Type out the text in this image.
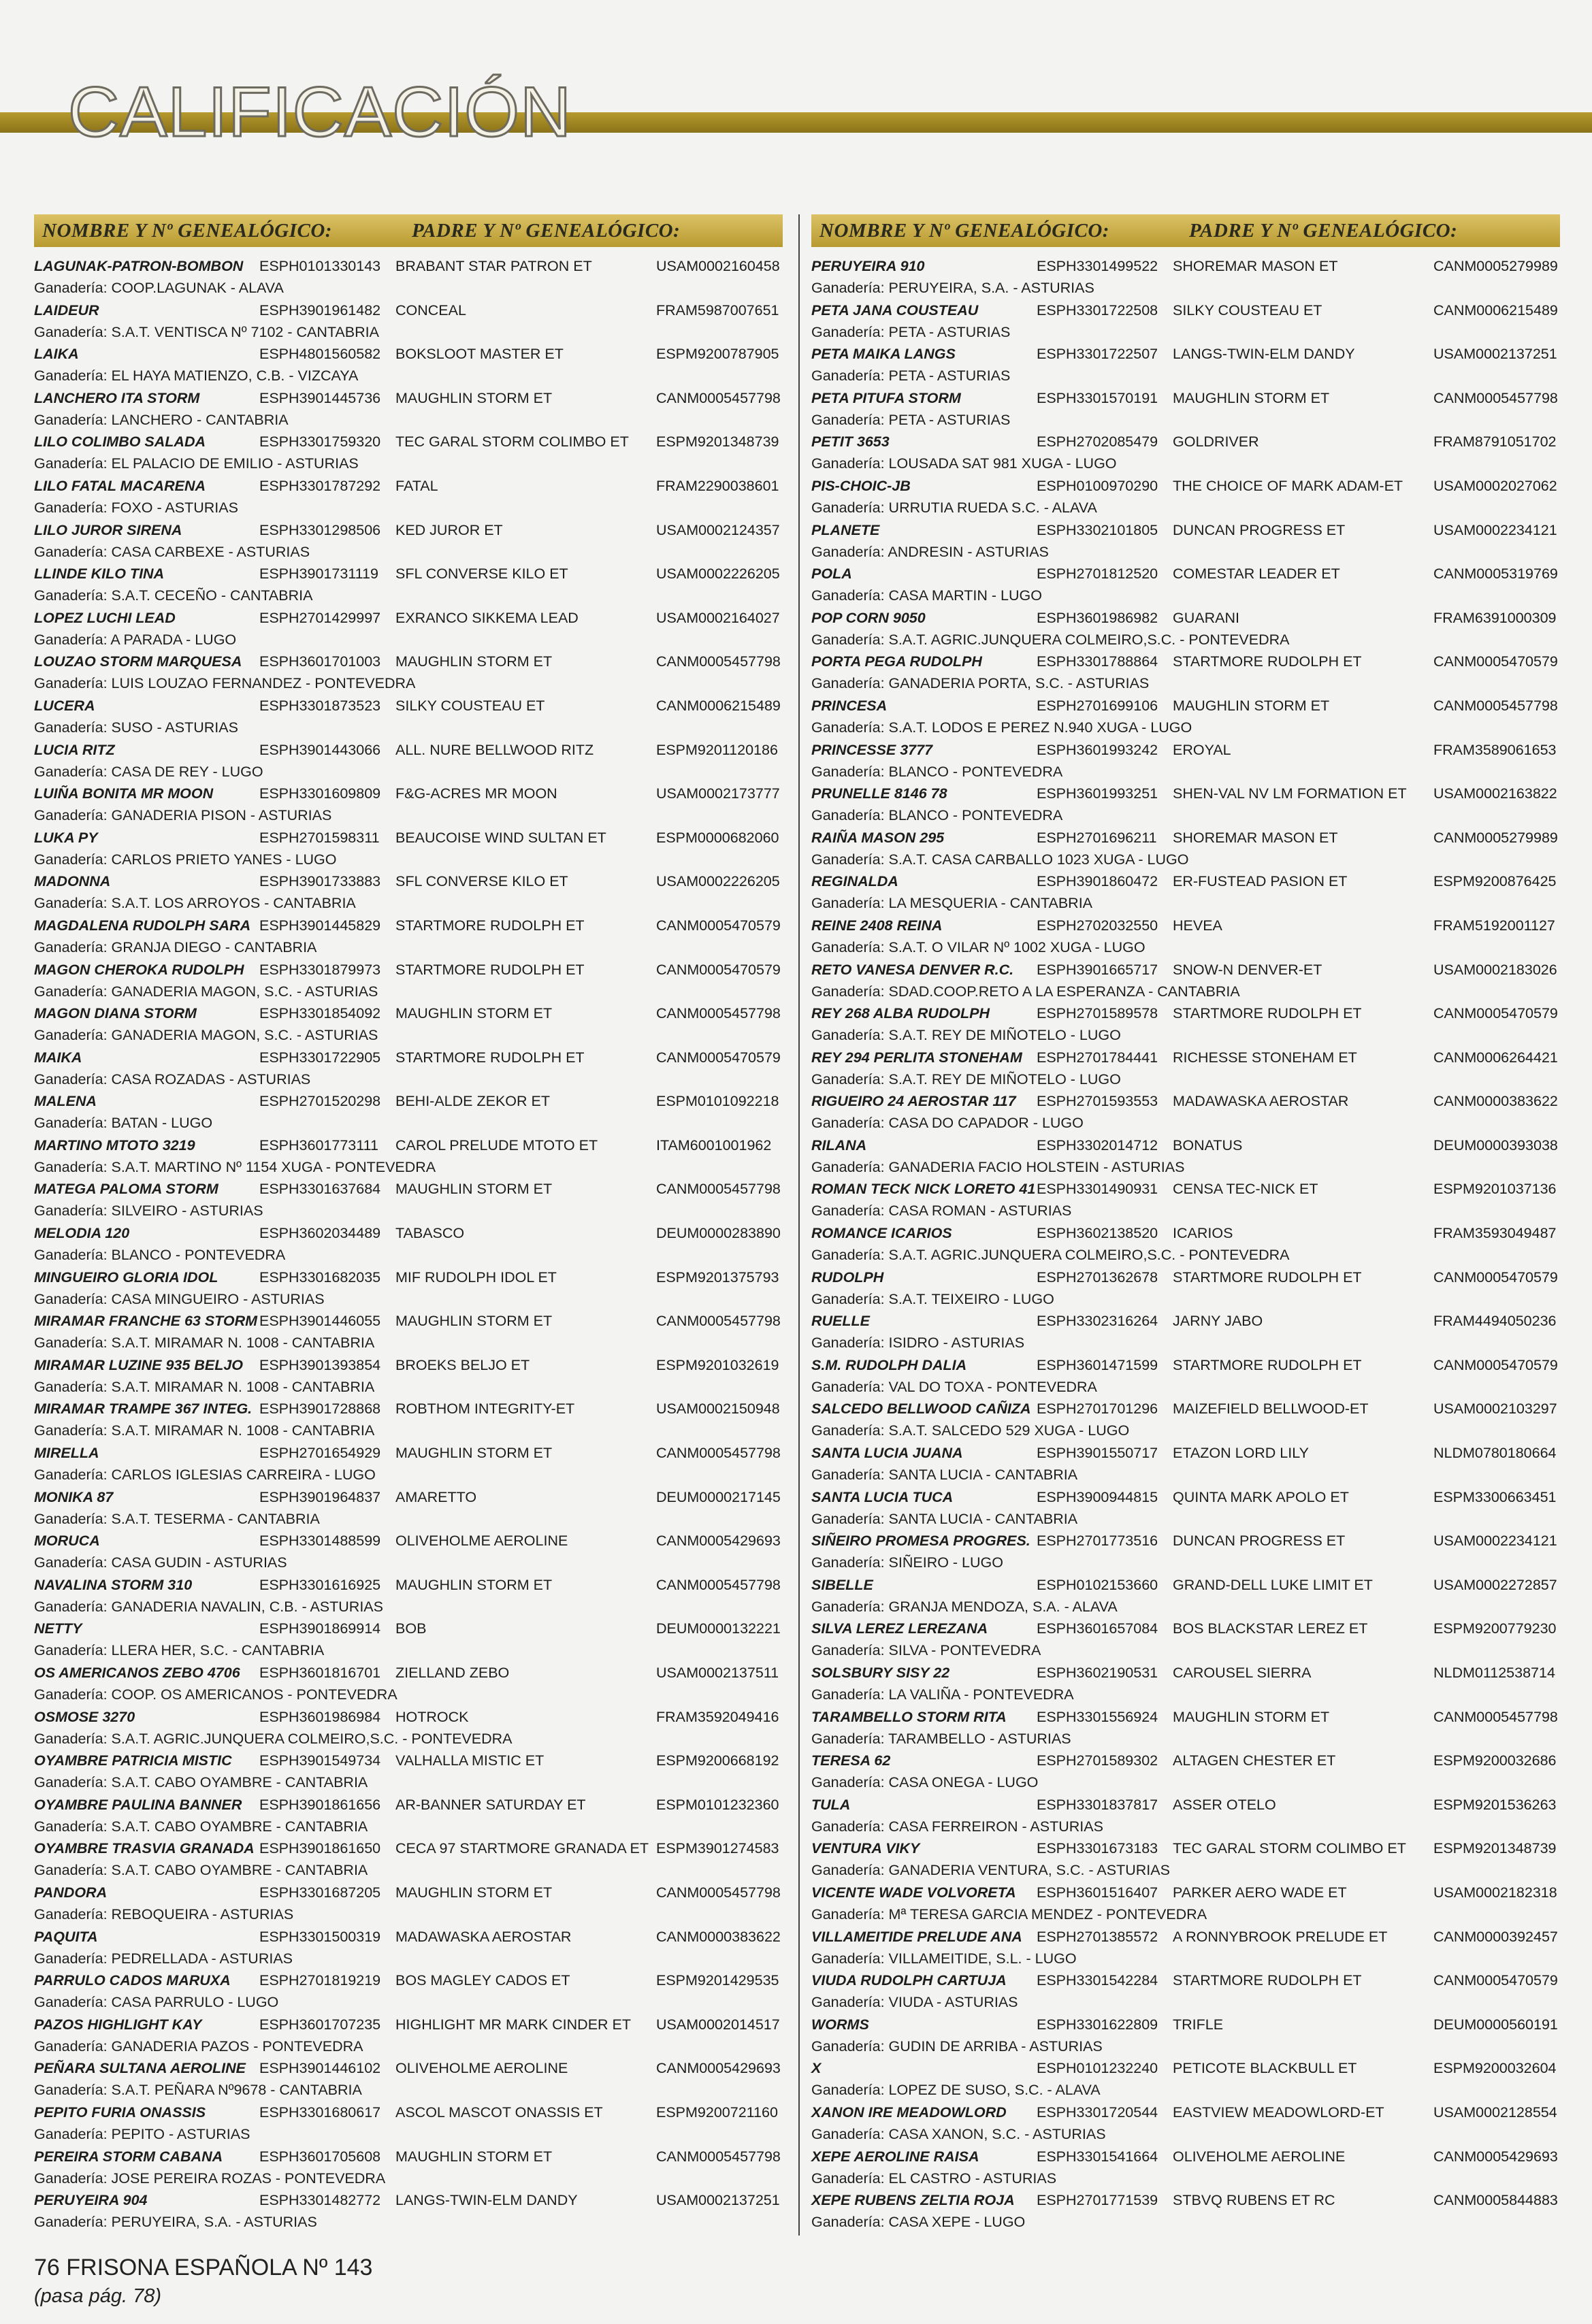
CALIFICACIÓN
NOMBRE Y Nº GENEALÓGICO:	PADRE Y Nº GENEALÓGICO:
LAGUNAK-PATRON-BOMBON ESPH0101330143 BRABANT STAR PATRON ET	USAM0002160458
Ganadería: COOP.LAGUNAK - ALAVA
LAIDEUR	ESPH3901961482 CONCEAL	FRAM5987007651
Ganadería: S.A.T. VENTISCA Nº 7102 - CANTABRIA
LAIKA	ESPH4801560582 BOKSLOOT MASTER ET	ESPM9200787905
Ganadería: EL HAYA MATIENZO, C.B. - VIZCAYA
LANCHERO ITA STORM	ESPH3901445736 MAUGHLIN STORM ET	CANM0005457798
Ganadería: LANCHERO - CANTABRIA
LILO COLIMBO SALADA	ESPH3301759320 TEC GARAL STORM COLIMBO ET ESPM9201348739
Ganadería: EL PALACIO DE EMILIO - ASTURIAS
LILO FATAL MACARENA	ESPH3301787292 FATAL	FRAM2290038601
Ganadería: FOXO - ASTURIAS
LILO JUROR SIRENA	ESPH3301298506 KED JUROR ET	USAM0002124357
Ganadería: CASA CARBEXE - ASTURIAS
LLINDE KILO TINA	ESPH3901731119 SFL CONVERSE KILO ET	USAM0002226205
Ganadería: S.A.T. CECEÑO - CANTABRIA
LOPEZ LUCHI LEAD	ESPH2701429997 EXRANCO SIKKEMA LEAD	USAM0002164027
Ganadería: A PARADA - LUGO
LOUZAO STORM MARQUESA ESPH3601701003 MAUGHLIN STORM ET	CANM0005457798
Ganadería: LUIS LOUZAO FERNANDEZ - PONTEVEDRA
LUCERA	ESPH3301873523 SILKY COUSTEAU ET	CANM0006215489
Ganadería: SUSO - ASTURIAS
LUCIA RITZ	ESPH3901443066 ALL. NURE BELLWOOD RITZ	ESPM9201120186
Ganadería: CASA DE REY - LUGO
LUIÑA BONITA MR MOON	ESPH3301609809 F&G-ACRES MR MOON	USAM0002173777
Ganadería: GANADERIA PISON - ASTURIAS
LUKA PY	ESPH2701598311 BEAUCOISE WIND SULTAN ET	ESPM0000682060
Ganadería: CARLOS PRIETO YANES - LUGO
MADONNA	ESPH3901733883 SFL CONVERSE KILO ET	USAM0002226205
Ganadería: S.A.T. LOS ARROYOS - CANTABRIA
MAGDALENA RUDOLPH SARA ESPH3901445829 STARTMORE RUDOLPH ET	CANM0005470579
Ganadería: GRANJA DIEGO - CANTABRIA
MAGON CHEROKA RUDOLPH ESPH3301879973 STARTMORE RUDOLPH ET	CANM0005470579
Ganadería: GANADERIA MAGON, S.C. - ASTURIAS
MAGON DIANA STORM	ESPH3301854092 MAUGHLIN STORM ET	CANM0005457798
Ganadería: GANADERIA MAGON, S.C. - ASTURIAS
MAIKA	ESPH3301722905 STARTMORE RUDOLPH ET	CANM0005470579
Ganadería: CASA ROZADAS - ASTURIAS
MALENA	ESPH2701520298 BEHI-ALDE ZEKOR ET	ESPM0101092218
Ganadería: BATAN - LUGO
MARTINO MTOTO 3219	ESPH3601773111 CAROL PRELUDE MTOTO ET	ITAM6001001962
Ganadería: S.A.T. MARTINO Nº 1154 XUGA - PONTEVEDRA
MATEGA PALOMA STORM	ESPH3301637684 MAUGHLIN STORM ET	CANM0005457798
Ganadería: SILVEIRO - ASTURIAS
MELODIA 120	ESPH3602034489 TABASCO	DEUM0000283890
Ganadería: BLANCO - PONTEVEDRA
MINGUEIRO GLORIA IDOL	ESPH3301682035 MIF RUDOLPH IDOL ET	ESPM9201375793
Ganadería: CASA MINGUEIRO - ASTURIAS
MIRAMAR FRANCHE 63 STORM ESPH3901446055 MAUGHLIN STORM ET	CANM0005457798
Ganadería: S.A.T. MIRAMAR N. 1008 - CANTABRIA
MIRAMAR LUZINE 935 BELJO ESPH3901393854 BROEKS BELJO ET	ESPM9201032619
Ganadería: S.A.T. MIRAMAR N. 1008 - CANTABRIA
MIRAMAR TRAMPE 367 INTEG. ESPH3901728868 ROBTHOM INTEGRITY-ET	USAM0002150948
Ganadería: S.A.T. MIRAMAR N. 1008 - CANTABRIA
MIRELLA	ESPH2701654929 MAUGHLIN STORM ET	CANM0005457798
Ganadería: CARLOS IGLESIAS CARREIRA - LUGO
MONIKA 87	ESPH3901964837 AMARETTO	DEUM0000217145
Ganadería: S.A.T. TESERMA - CANTABRIA
MORUCA	ESPH3301488599 OLIVEHOLME AEROLINE	CANM0005429693
Ganadería: CASA GUDIN - ASTURIAS
NAVALINA STORM 310	ESPH3301616925 MAUGHLIN STORM ET	CANM0005457798
Ganadería: GANADERIA NAVALIN, C.B. - ASTURIAS
NETTY	ESPH3901869914 BOB	DEUM0000132221
Ganadería: LLERA HER, S.C. - CANTABRIA
OS AMERICANOS ZEBO 4706 ESPH3601816701 ZIELLAND ZEBO	USAM0002137511
Ganadería: COOP. OS AMERICANOS - PONTEVEDRA
OSMOSE 3270	ESPH3601986984 HOTROCK	FRAM3592049416
Ganadería: S.A.T. AGRIC.JUNQUERA COLMEIRO,S.C. - PONTEVEDRA
OYAMBRE PATRICIA MISTIC ESPH3901549734 VALHALLA MISTIC ET	ESPM9200668192
Ganadería: S.A.T. CABO OYAMBRE - CANTABRIA
OYAMBRE PAULINA BANNER ESPH3901861656 AR-BANNER SATURDAY ET	ESPM0101232360
Ganadería: S.A.T. CABO OYAMBRE - CANTABRIA
OYAMBRE TRASVIA GRANADA ESPH3901861650 CECA 97 STARTMORE GRANADA ET ESPM3901274583
Ganadería: S.A.T. CABO OYAMBRE - CANTABRIA
PANDORA	ESPH3301687205 MAUGHLIN STORM ET	CANM0005457798
Ganadería: REBOQUEIRA - ASTURIAS
PAQUITA	ESPH3301500319 MADAWASKA AEROSTAR	CANM0000383622
Ganadería: PEDRELLADA - ASTURIAS
PARRULO CADOS MARUXA ESPH2701819219 BOS MAGLEY CADOS ET	ESPM9201429535
Ganadería: CASA PARRULO - LUGO
PAZOS HIGHLIGHT KAY	ESPH3601707235 HIGHLIGHT MR MARK CINDER ET USAM0002014517
Ganadería: GANADERIA PAZOS - PONTEVEDRA
PEÑARA SULTANA AEROLINE ESPH3901446102 OLIVEHOLME AEROLINE	CANM0005429693
Ganadería: S.A.T. PEÑARA Nº9678 - CANTABRIA
PEPITO FURIA ONASSIS	ESPH3301680617 ASCOL MASCOT ONASSIS ET	ESPM9200721160
Ganadería: PEPITO - ASTURIAS
PEREIRA STORM CABANA	ESPH3601705608 MAUGHLIN STORM ET	CANM0005457798
Ganadería: JOSE PEREIRA ROZAS - PONTEVEDRA
PERUYEIRA 904	ESPH3301482772 LANGS-TWIN-ELM DANDY	USAM0002137251
Ganadería: PERUYEIRA, S.A. - ASTURIAS
NOMBRE Y Nº GENEALÓGICO:	PADRE Y Nº GENEALÓGICO:
PERUYEIRA 910	ESPH3301499522 SHOREMAR MASON ET	CANM0005279989
Ganadería: PERUYEIRA, S.A. - ASTURIAS
PETA JANA COUSTEAU	ESPH3301722508 SILKY COUSTEAU ET	CANM0006215489
Ganadería: PETA - ASTURIAS
PETA MAIKA LANGS	ESPH3301722507 LANGS-TWIN-ELM DANDY	USAM0002137251
Ganadería: PETA - ASTURIAS
PETA PITUFA STORM	ESPH3301570191 MAUGHLIN STORM ET	CANM0005457798
Ganadería: PETA - ASTURIAS
PETIT 3653	ESPH2702085479 GOLDRIVER	FRAM8791051702
Ganadería: LOUSADA SAT 981 XUGA - LUGO
PIS-CHOIC-JB	ESPH0100970290 THE CHOICE OF MARK ADAM-ET USAM0002027062
Ganadería: URRUTIA RUEDA S.C. - ALAVA
PLANETE	ESPH3302101805 DUNCAN PROGRESS ET	USAM0002234121
Ganadería: ANDRESIN - ASTURIAS
POLA	ESPH2701812520 COMESTAR LEADER ET	CANM0005319769
Ganadería: CASA MARTIN - LUGO
POP CORN 9050	ESPH3601986982 GUARANI	FRAM6391000309
Ganadería: S.A.T. AGRIC.JUNQUERA COLMEIRO,S.C. - PONTEVEDRA
PORTA PEGA RUDOLPH	ESPH3301788864 STARTMORE RUDOLPH ET	CANM0005470579
Ganadería: GANADERIA PORTA, S.C. - ASTURIAS
PRINCESA	ESPH2701699106 MAUGHLIN STORM ET	CANM0005457798
Ganadería: S.A.T. LODOS E PEREZ N.940 XUGA - LUGO
PRINCESSE 3777	ESPH3601993242 EROYAL	FRAM3589061653
Ganadería: BLANCO - PONTEVEDRA
PRUNELLE 8146 78	ESPH3601993251 SHEN-VAL NV LM FORMATION ET USAM0002163822
Ganadería: BLANCO - PONTEVEDRA
RAIÑA MASON 295	ESPH2701696211 SHOREMAR MASON ET	CANM0005279989
Ganadería: S.A.T. CASA CARBALLO 1023 XUGA - LUGO
REGINALDA	ESPH3901860472 ER-FUSTEAD PASION ET	ESPM9200876425
Ganadería: LA MESQUERIA - CANTABRIA
REINE 2408 REINA	ESPH2702032550 HEVEA	FRAM5192001127
Ganadería: S.A.T. O VILAR Nº 1002 XUGA - LUGO
RETO VANESA DENVER R.C. ESPH3901665717 SNOW-N DENVER-ET	USAM0002183026
Ganadería: SDAD.COOP.RETO A LA ESPERANZA - CANTABRIA
REY 268 ALBA RUDOLPH	ESPH2701589578 STARTMORE RUDOLPH ET	CANM0005470579
Ganadería: S.A.T. REY DE MIÑOTELO - LUGO
REY 294 PERLITA STONEHAM ESPH2701784441 RICHESSE STONEHAM ET	CANM0006264421
Ganadería: S.A.T. REY DE MIÑOTELO - LUGO
RIGUEIRO 24 AEROSTAR 117 ESPH2701593553 MADAWASKA AEROSTAR	CANM0000383622
Ganadería: CASA DO CAPADOR - LUGO
RILANA	ESPH3302014712 BONATUS	DEUM0000393038
Ganadería: GANADERIA FACIO HOLSTEIN - ASTURIAS
ROMAN TECK NICK LORETO 41 ESPH3301490931 CENSA TEC-NICK ET	ESPM9201037136
Ganadería: CASA ROMAN - ASTURIAS
ROMANCE ICARIOS	ESPH3602138520 ICARIOS	FRAM3593049487
Ganadería: S.A.T. AGRIC.JUNQUERA COLMEIRO,S.C. - PONTEVEDRA
RUDOLPH	ESPH2701362678 STARTMORE RUDOLPH ET	CANM0005470579
Ganadería: S.A.T. TEIXEIRO - LUGO
RUELLE	ESPH3302316264 JARNY JABO	FRAM4494050236
Ganadería: ISIDRO - ASTURIAS
S.M. RUDOLPH DALIA	ESPH3601471599 STARTMORE RUDOLPH ET	CANM0005470579
Ganadería: VAL DO TOXA - PONTEVEDRA
SALCEDO BELLWOOD CAÑIZA ESPH2701701296 MAIZEFIELD BELLWOOD-ET	USAM0002103297
Ganadería: S.A.T. SALCEDO 529 XUGA - LUGO
SANTA LUCIA JUANA	ESPH3901550717 ETAZON LORD LILY	NLDM0780180664
Ganadería: SANTA LUCIA - CANTABRIA
SANTA LUCIA TUCA	ESPH3900944815 QUINTA MARK APOLO ET	ESPM3300663451
Ganadería: SANTA LUCIA - CANTABRIA
SIÑEIRO PROMESA PROGRES. ESPH2701773516 DUNCAN PROGRESS ET	USAM0002234121
Ganadería: SIÑEIRO - LUGO
SIBELLE	ESPH0102153660 GRAND-DELL LUKE LIMIT ET	USAM0002272857
Ganadería: GRANJA MENDOZA, S.A. - ALAVA
SILVA LEREZ LEREZANA	ESPH3601657084 BOS BLACKSTAR LEREZ ET	ESPM9200779230
Ganadería: SILVA - PONTEVEDRA
SOLSBURY SISY 22	ESPH3602190531 CAROUSEL SIERRA	NLDM0112538714
Ganadería: LA VALIÑA - PONTEVEDRA
TARAMBELLO STORM RITA ESPH3301556924 MAUGHLIN STORM ET	CANM0005457798
Ganadería: TARAMBELLO - ASTURIAS
TERESA 62	ESPH2701589302 ALTAGEN CHESTER ET	ESPM9200032686
Ganadería: CASA ONEGA - LUGO
TULA	ESPH3301837817 ASSER OTELO	ESPM9201536263
Ganadería: CASA FERREIRON - ASTURIAS
VENTURA VIKY	ESPH3301673183 TEC GARAL STORM COLIMBO ET ESPM9201348739
Ganadería: GANADERIA VENTURA, S.C. - ASTURIAS
VICENTE WADE VOLVORETA ESPH3601516407 PARKER AERO WADE ET	USAM0002182318
Ganadería: Mª TERESA GARCIA MENDEZ - PONTEVEDRA
VILLAMEITIDE PRELUDE ANA ESPH2701385572 A RONNYBROOK PRELUDE ET	CANM0000392457
Ganadería: VILLAMEITIDE, S.L. - LUGO
VIUDA RUDOLPH CARTUJA ESPH3301542284 STARTMORE RUDOLPH ET	CANM0005470579
Ganadería: VIUDA - ASTURIAS
WORMS	ESPH3301622809 TRIFLE	DEUM0000560191
Ganadería: GUDIN DE ARRIBA - ASTURIAS
X	ESPH0101232240 PETICOTE BLACKBULL ET	ESPM9200032604
Ganadería: LOPEZ DE SUSO, S.C. - ALAVA
XANON IRE MEADOWLORD ESPH3301720544 EASTVIEW MEADOWLORD-ET	USAM0002128554
Ganadería: CASA XANON, S.C. - ASTURIAS
XEPE AEROLINE RAISA	ESPH3301541664 OLIVEHOLME AEROLINE	CANM0005429693
Ganadería: EL CASTRO - ASTURIAS
XEPE RUBENS ZELTIA ROJA ESPH2701771539 STBVQ RUBENS ET RC	CANM0005844883
Ganadería: CASA XEPE - LUGO
76 FRISONA ESPAÑOLA Nº 143
(pasa pág. 78)
